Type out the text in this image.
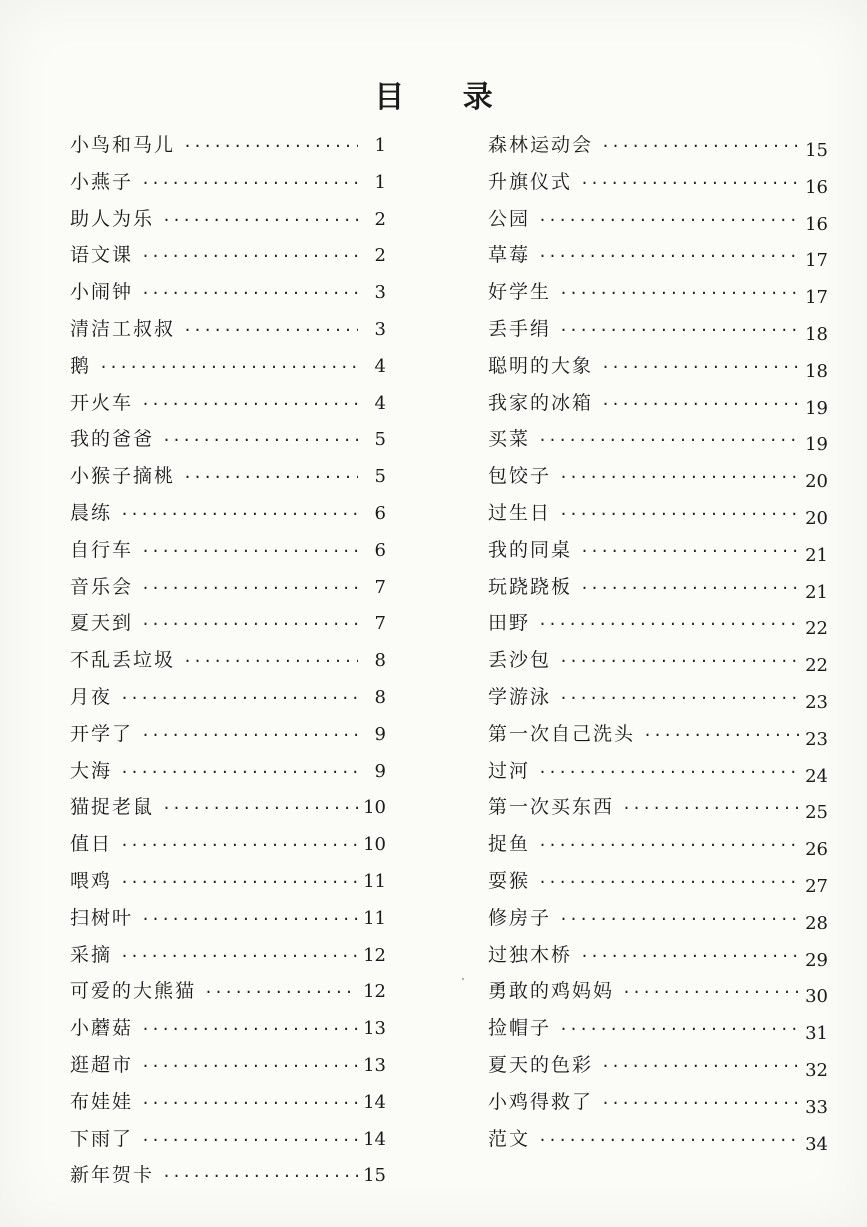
目 录
小鸟和马儿 ·····	1
小燕子 ·····	1
助人为乐 ·····	2
语文课 ·····	2
小闹钟 ·····	3
清洁工叔叔 ·····	3
鹅 ·····	4
开火车 ·····	4
我的爸爸 ·····	5
小猴子摘桃 ·····	5
晨练 ·····	6
自行车 ·····	6
音乐会 ·····	7
夏天到 ·····	7
不乱丢垃圾 ·····	8
月夜 ·····	8
开学了 ·····	9
大海 ·····	9
猫捉老鼠 ·····	10
值日 ·····	10
喂鸡 ·····	11
扫树叶 ·····	11
采摘 ·····	12
可爱的大熊猫 ·····	12
小蘑菇 ·····	13
逛超市 ·····	13
布娃娃 ·····	14
下雨了 ·····	14
新年贺卡 ·····	15
森林运动会 ·····	15
升旗仪式 ·····	16
公园 ·····	16
草莓 ·····	17
好学生 ·····	17
丢手绢 ·····	18
聪明的大象 ·····	18
我家的冰箱 ·····	19
买菜 ·····	19
包饺子 ·····	20
过生日 ·····	20
我的同桌 ·····	21
玩跷跷板 ·····	21
田野 ·····	22
丢沙包 ·····	22
学游泳 ·····	23
第一次自己洗头 ·····	23
过河 ·····	24
第一次买东西 ·····	25
捉鱼 ·····	26
耍猴 ·····	27
修房子 ·····	28
过独木桥 ·····	29
勇敢的鸡妈妈 ·····	30
捡帽子 ·····	31
夏天的色彩 ·····	32
小鸡得救了 ·····	33
范文 ·····	34
